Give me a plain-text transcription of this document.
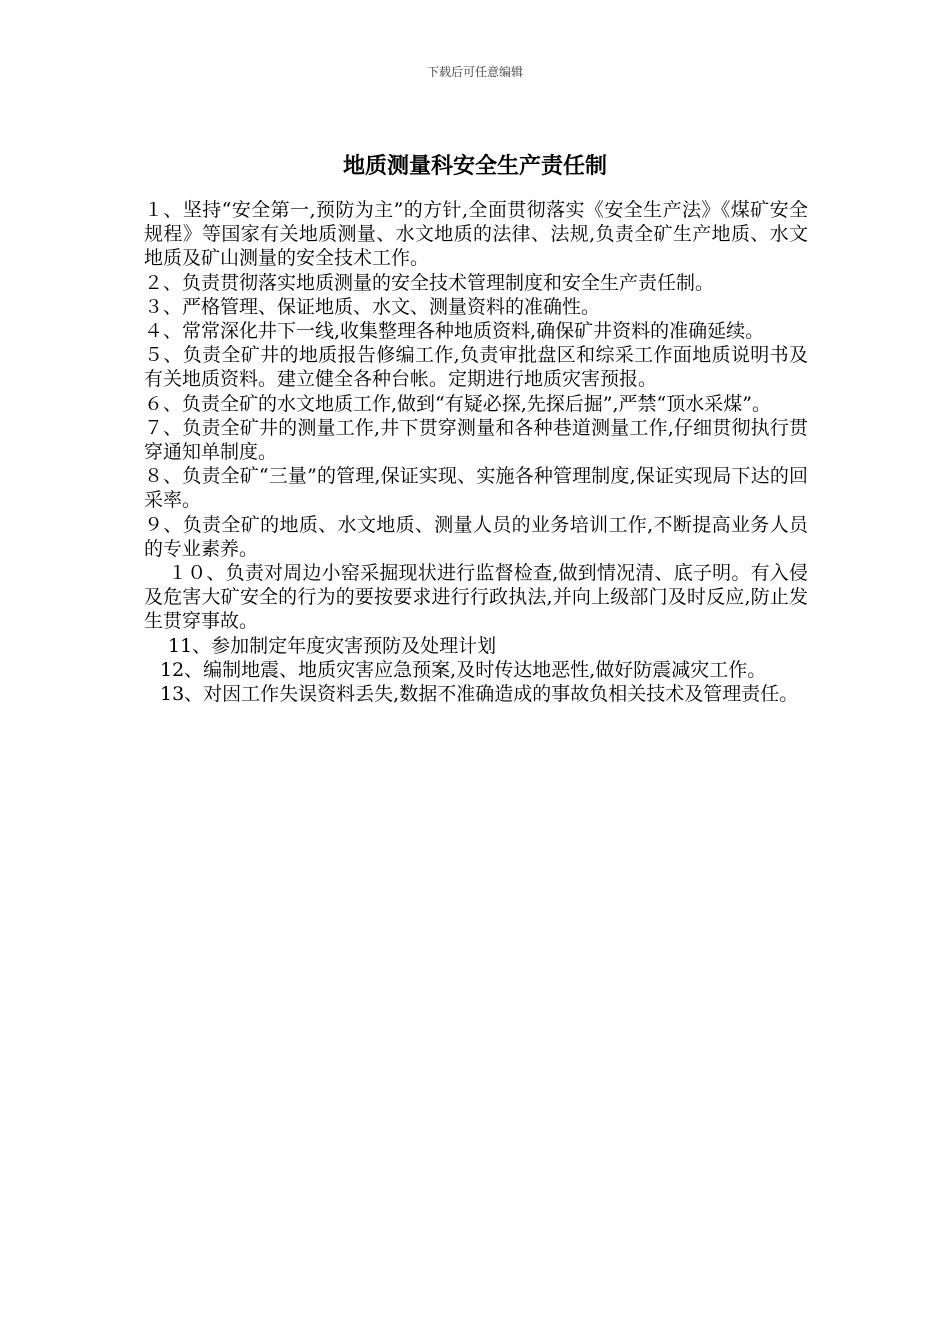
下载后可任意编辑
地质测量科安全生产责任制

１、坚持“安全第一,预防为主”的方针,全面贯彻落实《安全生产法》《煤矿安全规程》等国家有关地质测量、水文地质的法律、法规,负责全矿生产地质、水文地质及矿山测量的安全技术工作。

２、负责贯彻落实地质测量的安全技术管理制度和安全生产责任制。

３、严格管理、保证地质、水文、测量资料的准确性。

４、常常深化井下一线,收集整理各种地质资料,确保矿井资料的准确延续。

５、负责全矿井的地质报告修编工作,负责审批盘区和综采工作面地质说明书及有关地质资料。建立健全各种台帐。定期进行地质灾害预报。

６、负责全矿的水文地质工作,做到“有疑必探,先探后掘”,严禁“顶水采煤”。

７、负责全矿井的测量工作,井下贯穿测量和各种巷道测量工作,仔细贯彻执行贯穿通知单制度。

８、负责全矿“三量”的管理,保证实现、实施各种管理制度,保证实现局下达的回采率。

９、负责全矿的地质、水文地质、测量人员的业务培训工作,不断提高业务人员的专业素养。

１０、负责对周边小窑采掘现状进行监督检查,做到情况清、底子明。有入侵及危害大矿安全的行为的要按要求进行行政执法,并向上级部门及时反应,防止发生贯穿事故。

11、参加制定年度灾害预防及处理计划

12、编制地震、地质灾害应急预案,及时传达地恶性,做好防震减灾工作。

13、对因工作失误资料丢失,数据不准确造成的事故负相关技术及管理责任。
